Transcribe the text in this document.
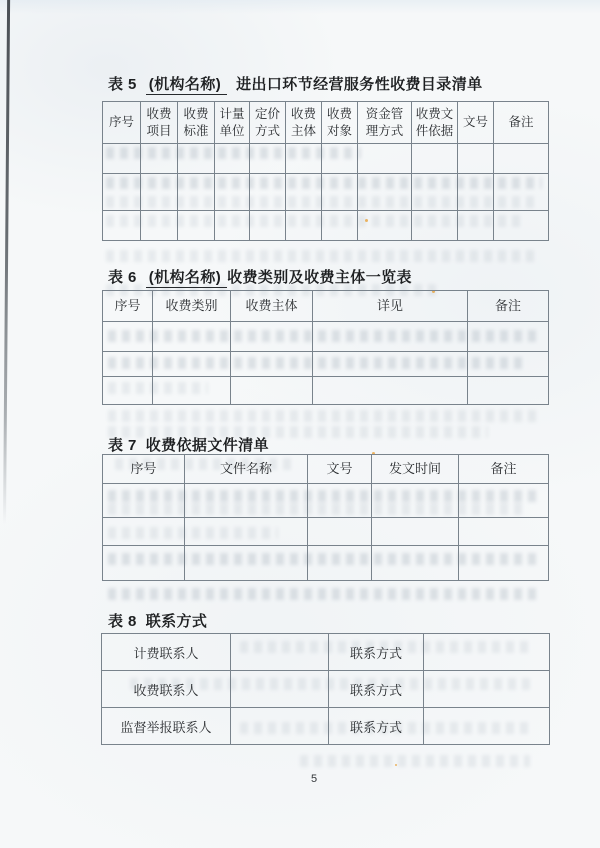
表 5 (机构名称) 进出口环节经营服务性收费目录清单
序号	收费项目	收费标准	计量单位	定价方式	收费主体	收费对象	资金管理方式	收费文件依据	文号	备注

表 6 (机构名称) 收费类别及收费主体一览表
序号	收费类别	收费主体	详见	备注

表 7 收费依据文件清单
序号	文件名称	文号	发文时间	备注

表 8 联系方式
计费联系人		联系方式	
收费联系人		联系方式	
监督举报联系人		联系方式	
5
